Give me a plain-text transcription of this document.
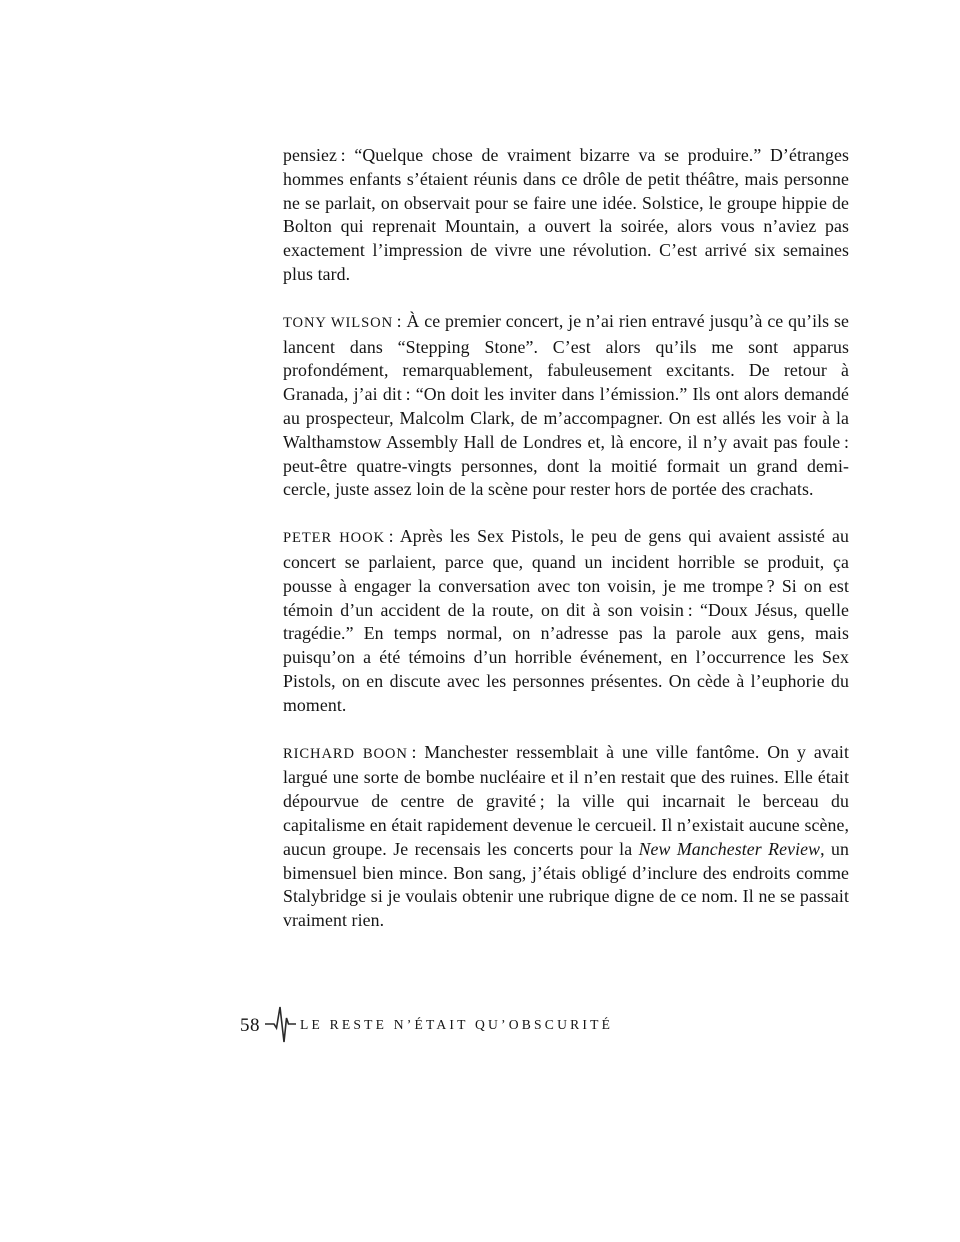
pensiez : “Quelque chose de vraiment bizarre va se produire.” D’étranges hommes enfants s’étaient réunis dans ce drôle de petit théâtre, mais personne ne se parlait, on observait pour se faire une idée. Solstice, le groupe hippie de Bolton qui reprenait Mountain, a ouvert la soirée, alors vous n’aviez pas exactement l’impression de vivre une révolution. C’est arrivé six semaines plus tard.

TONY WILSON : À ce premier concert, je n’ai rien entravé jusqu’à ce qu’ils se lancent dans “Stepping Stone”. C’est alors qu’ils me sont apparus profondément, remarquablement, fabuleusement excitants. De retour à Granada, j’ai dit : “On doit les inviter dans l’émission.” Ils ont alors demandé au prospecteur, Malcolm Clark, de m’accompagner. On est allés les voir à la Walthamstow Assembly Hall de Londres et, là encore, il n’y avait pas foule : peut-être quatre-vingts personnes, dont la moitié formait un grand demi-cercle, juste assez loin de la scène pour rester hors de portée des crachats.

PETER HOOK : Après les Sex Pistols, le peu de gens qui avaient assisté au concert se parlaient, parce que, quand un incident horrible se produit, ça pousse à engager la conversation avec ton voisin, je me trompe ? Si on est témoin d’un accident de la route, on dit à son voisin : “Doux Jésus, quelle tragédie.” En temps normal, on n’adresse pas la parole aux gens, mais puisqu’on a été témoins d’un horrible événement, en l’occurrence les Sex Pistols, on en discute avec les personnes présentes. On cède à l’euphorie du moment.

RICHARD BOON : Manchester ressemblait à une ville fantôme. On y avait largué une sorte de bombe nucléaire et il n’en restait que des ruines. Elle était dépourvue de centre de gravité ; la ville qui incarnait le berceau du capitalisme en était rapidement devenue le cercueil. Il n’existait aucune scène, aucun groupe. Je recensais les concerts pour la New Manchester Review, un bimensuel bien mince. Bon sang, j’étais obligé d’inclure des endroits comme Stalybridge si je voulais obtenir une rubrique digne de ce nom. Il ne se passait vraiment rien.

58	LE RESTE N’ÉTAIT QU’OBSCURITÉ
